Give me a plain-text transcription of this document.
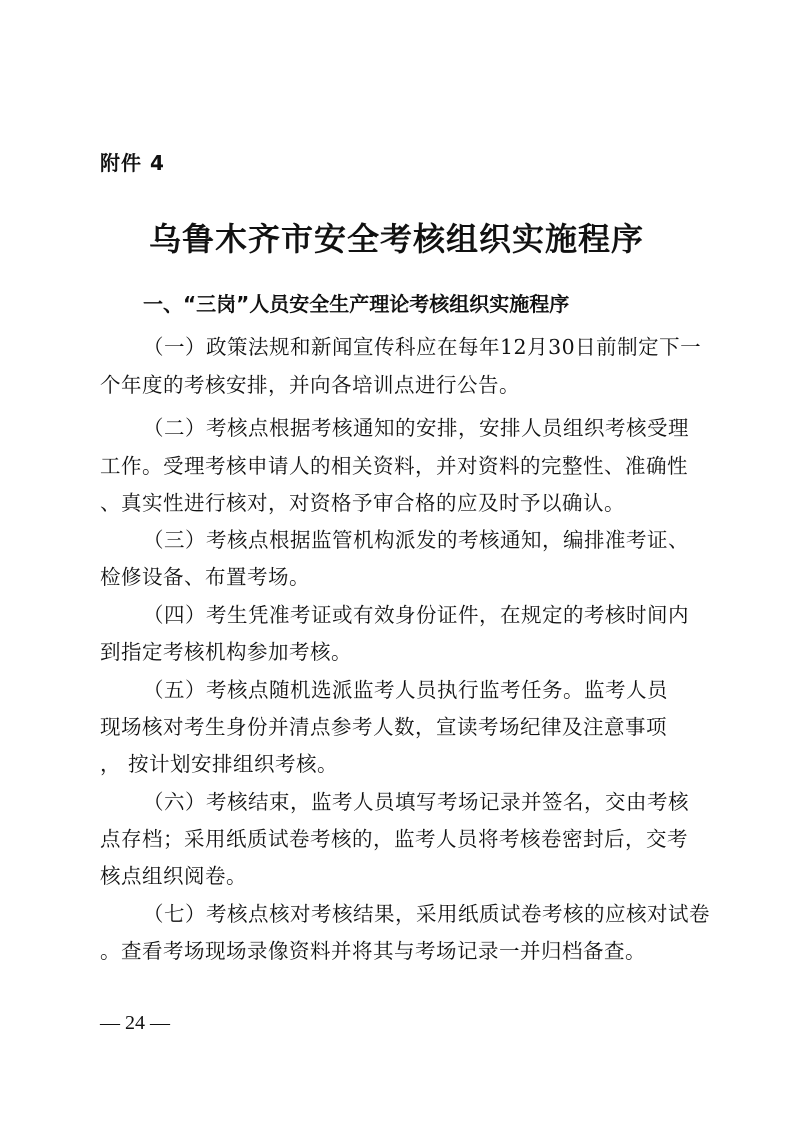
附件 4
乌鲁木齐市安全考核组织实施程序
一、“三岗”人员安全生产理论考核组织实施程序
（一）政策法规和新闻宣传科应在每年12月30日前制定下一
个年度的考核安排，并向各培训点进行公告。
（二）考核点根据考核通知的安排，安排人员组织考核受理
工作。受理考核申请人的相关资料，并对资料的完整性、准确性
、真实性进行核对，对资格予审合格的应及时予以确认。
（三）考核点根据监管机构派发的考核通知，编排准考证、
检修设备、布置考场。
（四）考生凭准考证或有效身份证件，在规定的考核时间内
到指定考核机构参加考核。
（五）考核点随机选派监考人员执行监考任务。监考人员
现场核对考生身份并清点参考人数，宣读考场纪律及注意事项
， 按计划安排组织考核。
（六）考核结束，监考人员填写考场记录并签名，交由考核
点存档；采用纸质试卷考核的，监考人员将考核卷密封后，交考
核点组织阅卷。
（七）考核点核对考核结果，采用纸质试卷考核的应核对试卷
。查看考场现场录像资料并将其与考场记录一并归档备查。
— 24 —
